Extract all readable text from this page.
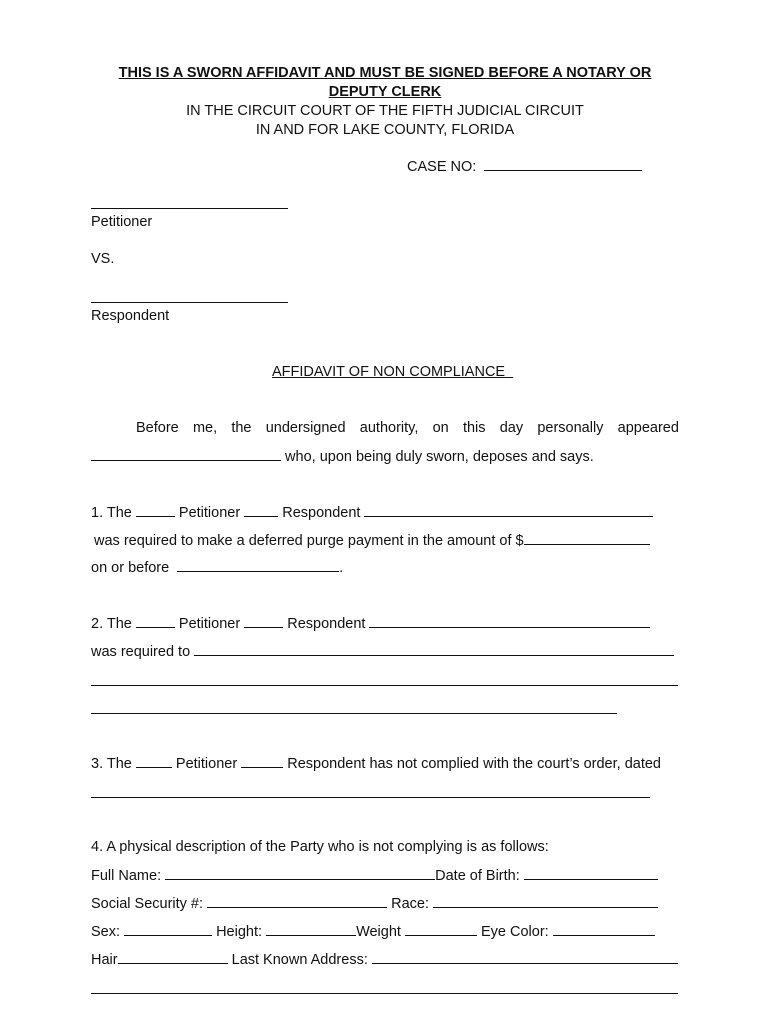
THIS IS A SWORN AFFIDAVIT AND MUST BE SIGNED BEFORE A NOTARY OR
DEPUTY CLERK
IN THE CIRCUIT COURT OF THE FIFTH JUDICIAL CIRCUIT
IN AND FOR LAKE COUNTY, FLORIDA
CASE NO:
Petitioner
VS.
Respondent
AFFIDAVIT OF NON COMPLIANCE
Before me, the undersigned authority, on this day personally appeared
who, upon being duly sworn, deposes and says.
1. The	Petitioner	Respondent
was required to make a deferred purge payment in the amount of $
on or before	.
2. The	Petitioner	Respondent
was required to
3. The	Petitioner	Respondent has not complied with the court’s order, dated
4. A physical description of the Party who is not complying is as follows:
Full Name:	Date of Birth:
Social Security #:	Race:
Sex:	Height:	Weight	Eye Color:
Hair	Last Known Address:
